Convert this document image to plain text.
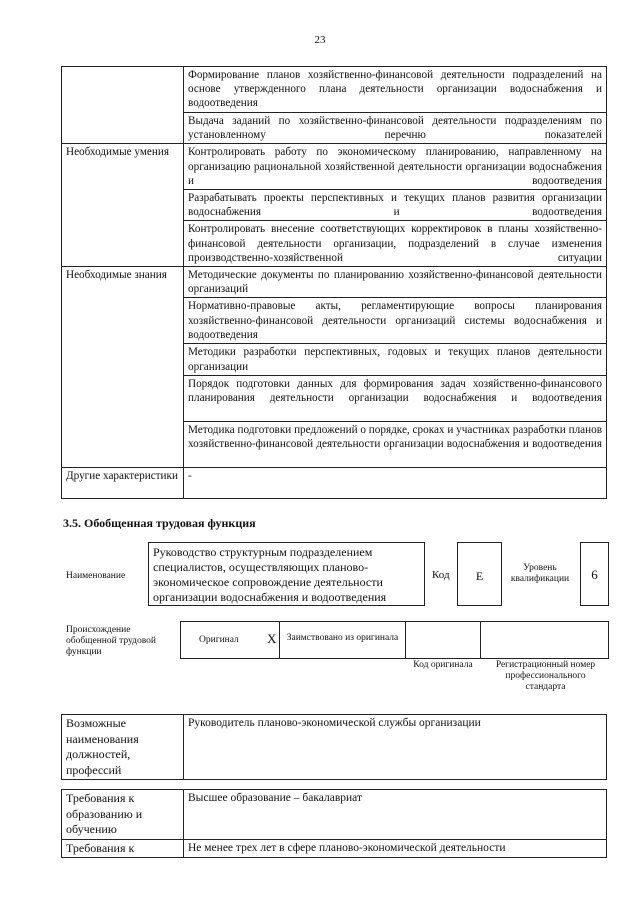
23
	Формирование планов хозяйственно-финансовой деятельности подразделений на основе утвержденного плана деятельности организации водоснабжения и водоотведения
	Выдача заданий по хозяйственно-финансовой деятельности подразделениям по установленному перечню показателей
Необходимые умения	Контролировать работу по экономическому планированию, направленному на организацию рациональной хозяйственной деятельности организации водоснабжения и водоотведения
	Разрабатывать проекты перспективных и текущих планов развития организации водоснабжения и водоотведения
	Контролировать внесение соответствующих корректировок в планы хозяйственно-финансовой деятельности организации, подразделений в случае изменения производственно-хозяйственной ситуации
Необходимые знания	Методические документы по планированию хозяйственно-финансовой деятельности организаций
	Нормативно-правовые акты, регламентирующие вопросы планирования хозяйственно-финансовой деятельности организаций системы водоснабжения и водоотведения
	Методики разработки перспективных, годовых и текущих планов деятельности организации
	Порядок подготовки данных для формирования задач хозяйственно-финансового планирования деятельности организации водоснабжения и водоотведения
	Методика подготовки предложений о порядке, сроках и участниках разработки планов хозяйственно-финансовой деятельности организации водоснабжения и водоотведения
Другие характеристики	-
3.5. Обобщенная трудовая функция
Наименование
Руководство структурным подразделением специалистов, осуществляющих планово-экономическое сопровождение деятельности организации водоснабжения и водоотведения
Код	E
Уровень квалификации	6
Происхождение обобщенной трудовой функции
Оригинал X	Заимствовано из оригинала
Код оригинала	Регистрационный номер профессионального стандарта
Возможные наименования должностей, профессий	Руководитель планово-экономической службы организации
Требования к образованию и обучению	Высшее образование – бакалавриат
Требования к	Не менее трех лет в сфере планово-экономической деятельности
